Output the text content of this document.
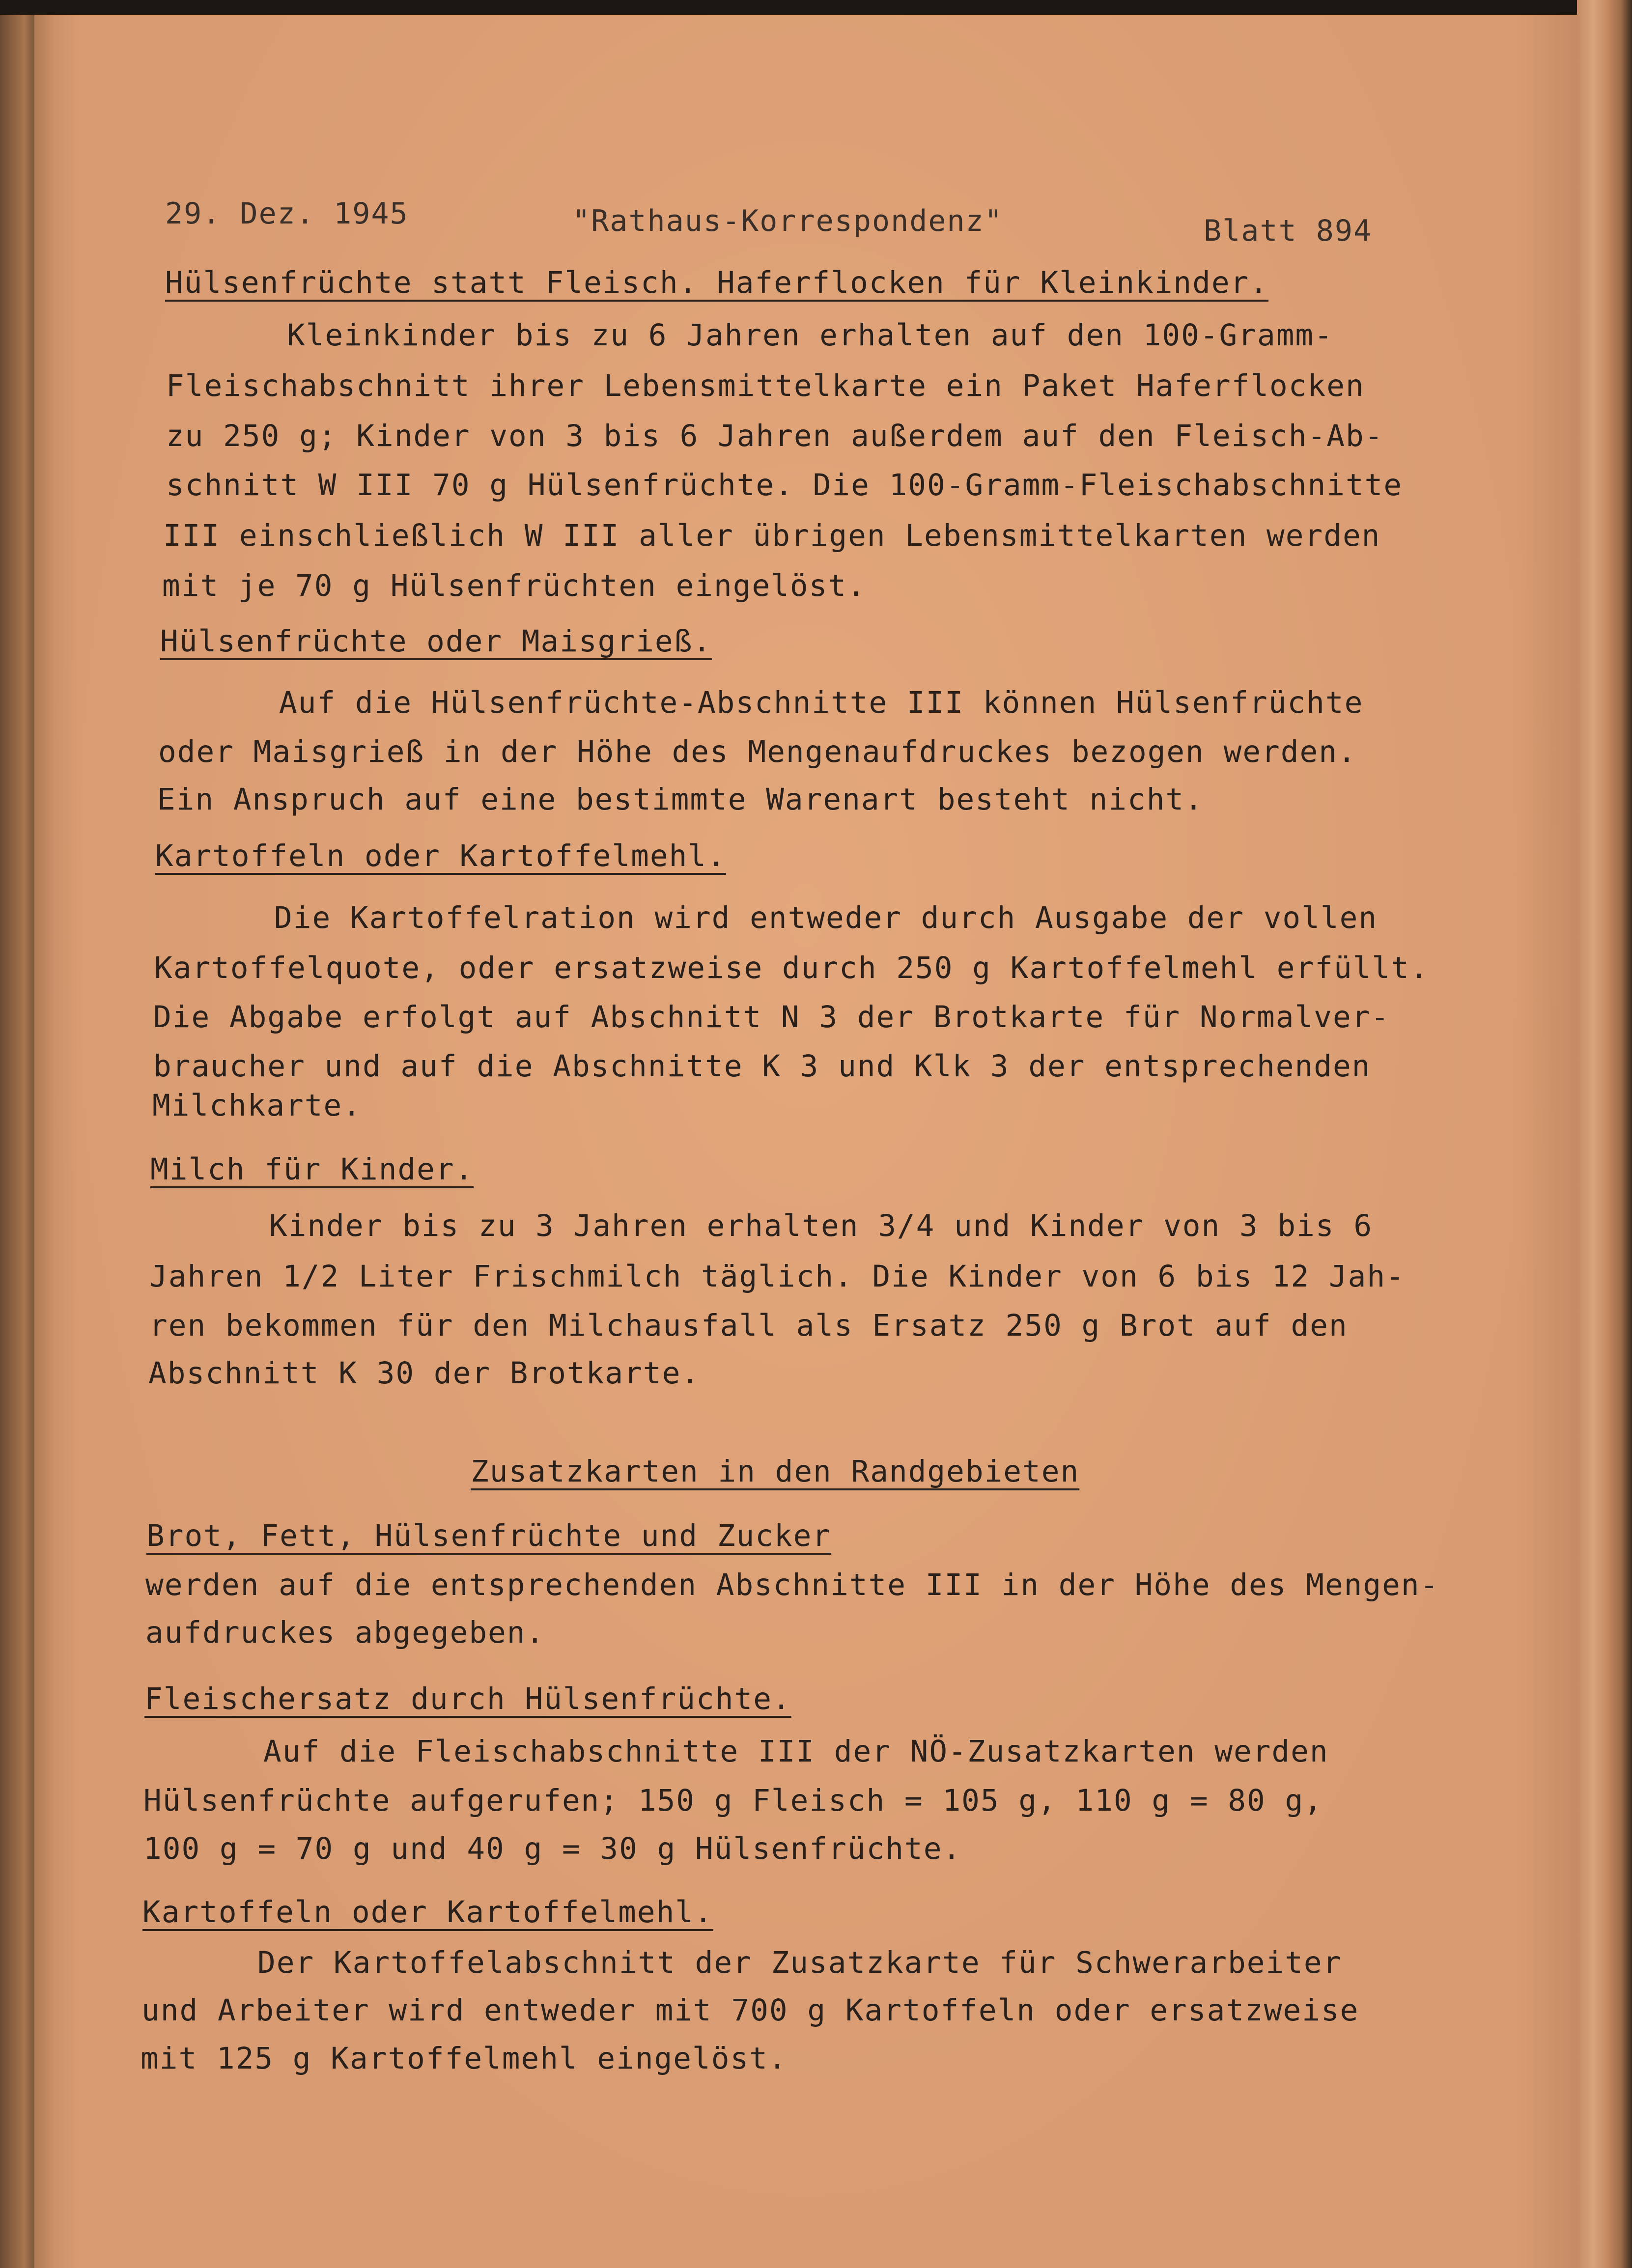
29. Dez. 1945	"Rathaus-Korrespondenz"	Blatt 894
Hülsenfrüchte statt Fleisch. Haferflocken für Kleinkinder.
Kleinkinder bis zu 6 Jahren erhalten auf den 100-Gramm-
Fleischabschnitt ihrer Lebensmittelkarte ein Paket Haferflocken
zu 250 g; Kinder von 3 bis 6 Jahren außerdem auf den Fleisch-Ab-
schnitt W III 70 g Hülsenfrüchte. Die 100-Gramm-Fleischabschnitte
III einschließlich W III aller übrigen Lebensmittelkarten werden
mit je 70 g Hülsenfrüchten eingelöst.
Hülsenfrüchte oder Maisgrieß.
Auf die Hülsenfrüchte-Abschnitte III können Hülsenfrüchte
oder Maisgrieß in der Höhe des Mengenaufdruckes bezogen werden.
Ein Anspruch auf eine bestimmte Warenart besteht nicht.
Kartoffeln oder Kartoffelmehl.
Die Kartoffelration wird entweder durch Ausgabe der vollen
Kartoffelquote, oder ersatzweise durch 250 g Kartoffelmehl erfüllt.
Die Abgabe erfolgt auf Abschnitt N 3 der Brotkarte für Normalver-
braucher und auf die Abschnitte K 3 und Klk 3 der entsprechenden
Milchkarte.
Milch für Kinder.
Kinder bis zu 3 Jahren erhalten 3/4 und Kinder von 3 bis 6
Jahren 1/2 Liter Frischmilch täglich. Die Kinder von 6 bis 12 Jah-
ren bekommen für den Milchausfall als Ersatz 250 g Brot auf den
Abschnitt K 30 der Brotkarte.
Zusatzkarten in den Randgebieten
Brot, Fett, Hülsenfrüchte und Zucker
werden auf die entsprechenden Abschnitte III in der Höhe des Mengen-
aufdruckes abgegeben.
Fleischersatz durch Hülsenfrüchte.
Auf die Fleischabschnitte III der NÖ-Zusatzkarten werden
Hülsenfrüchte aufgerufen; 150 g Fleisch = 105 g, 110 g = 80 g,
100 g = 70 g und 40 g = 30 g Hülsenfrüchte.
Kartoffeln oder Kartoffelmehl.
Der Kartoffelabschnitt der Zusatzkarte für Schwerarbeiter
und Arbeiter wird entweder mit 700 g Kartoffeln oder ersatzweise
mit 125 g Kartoffelmehl eingelöst.
